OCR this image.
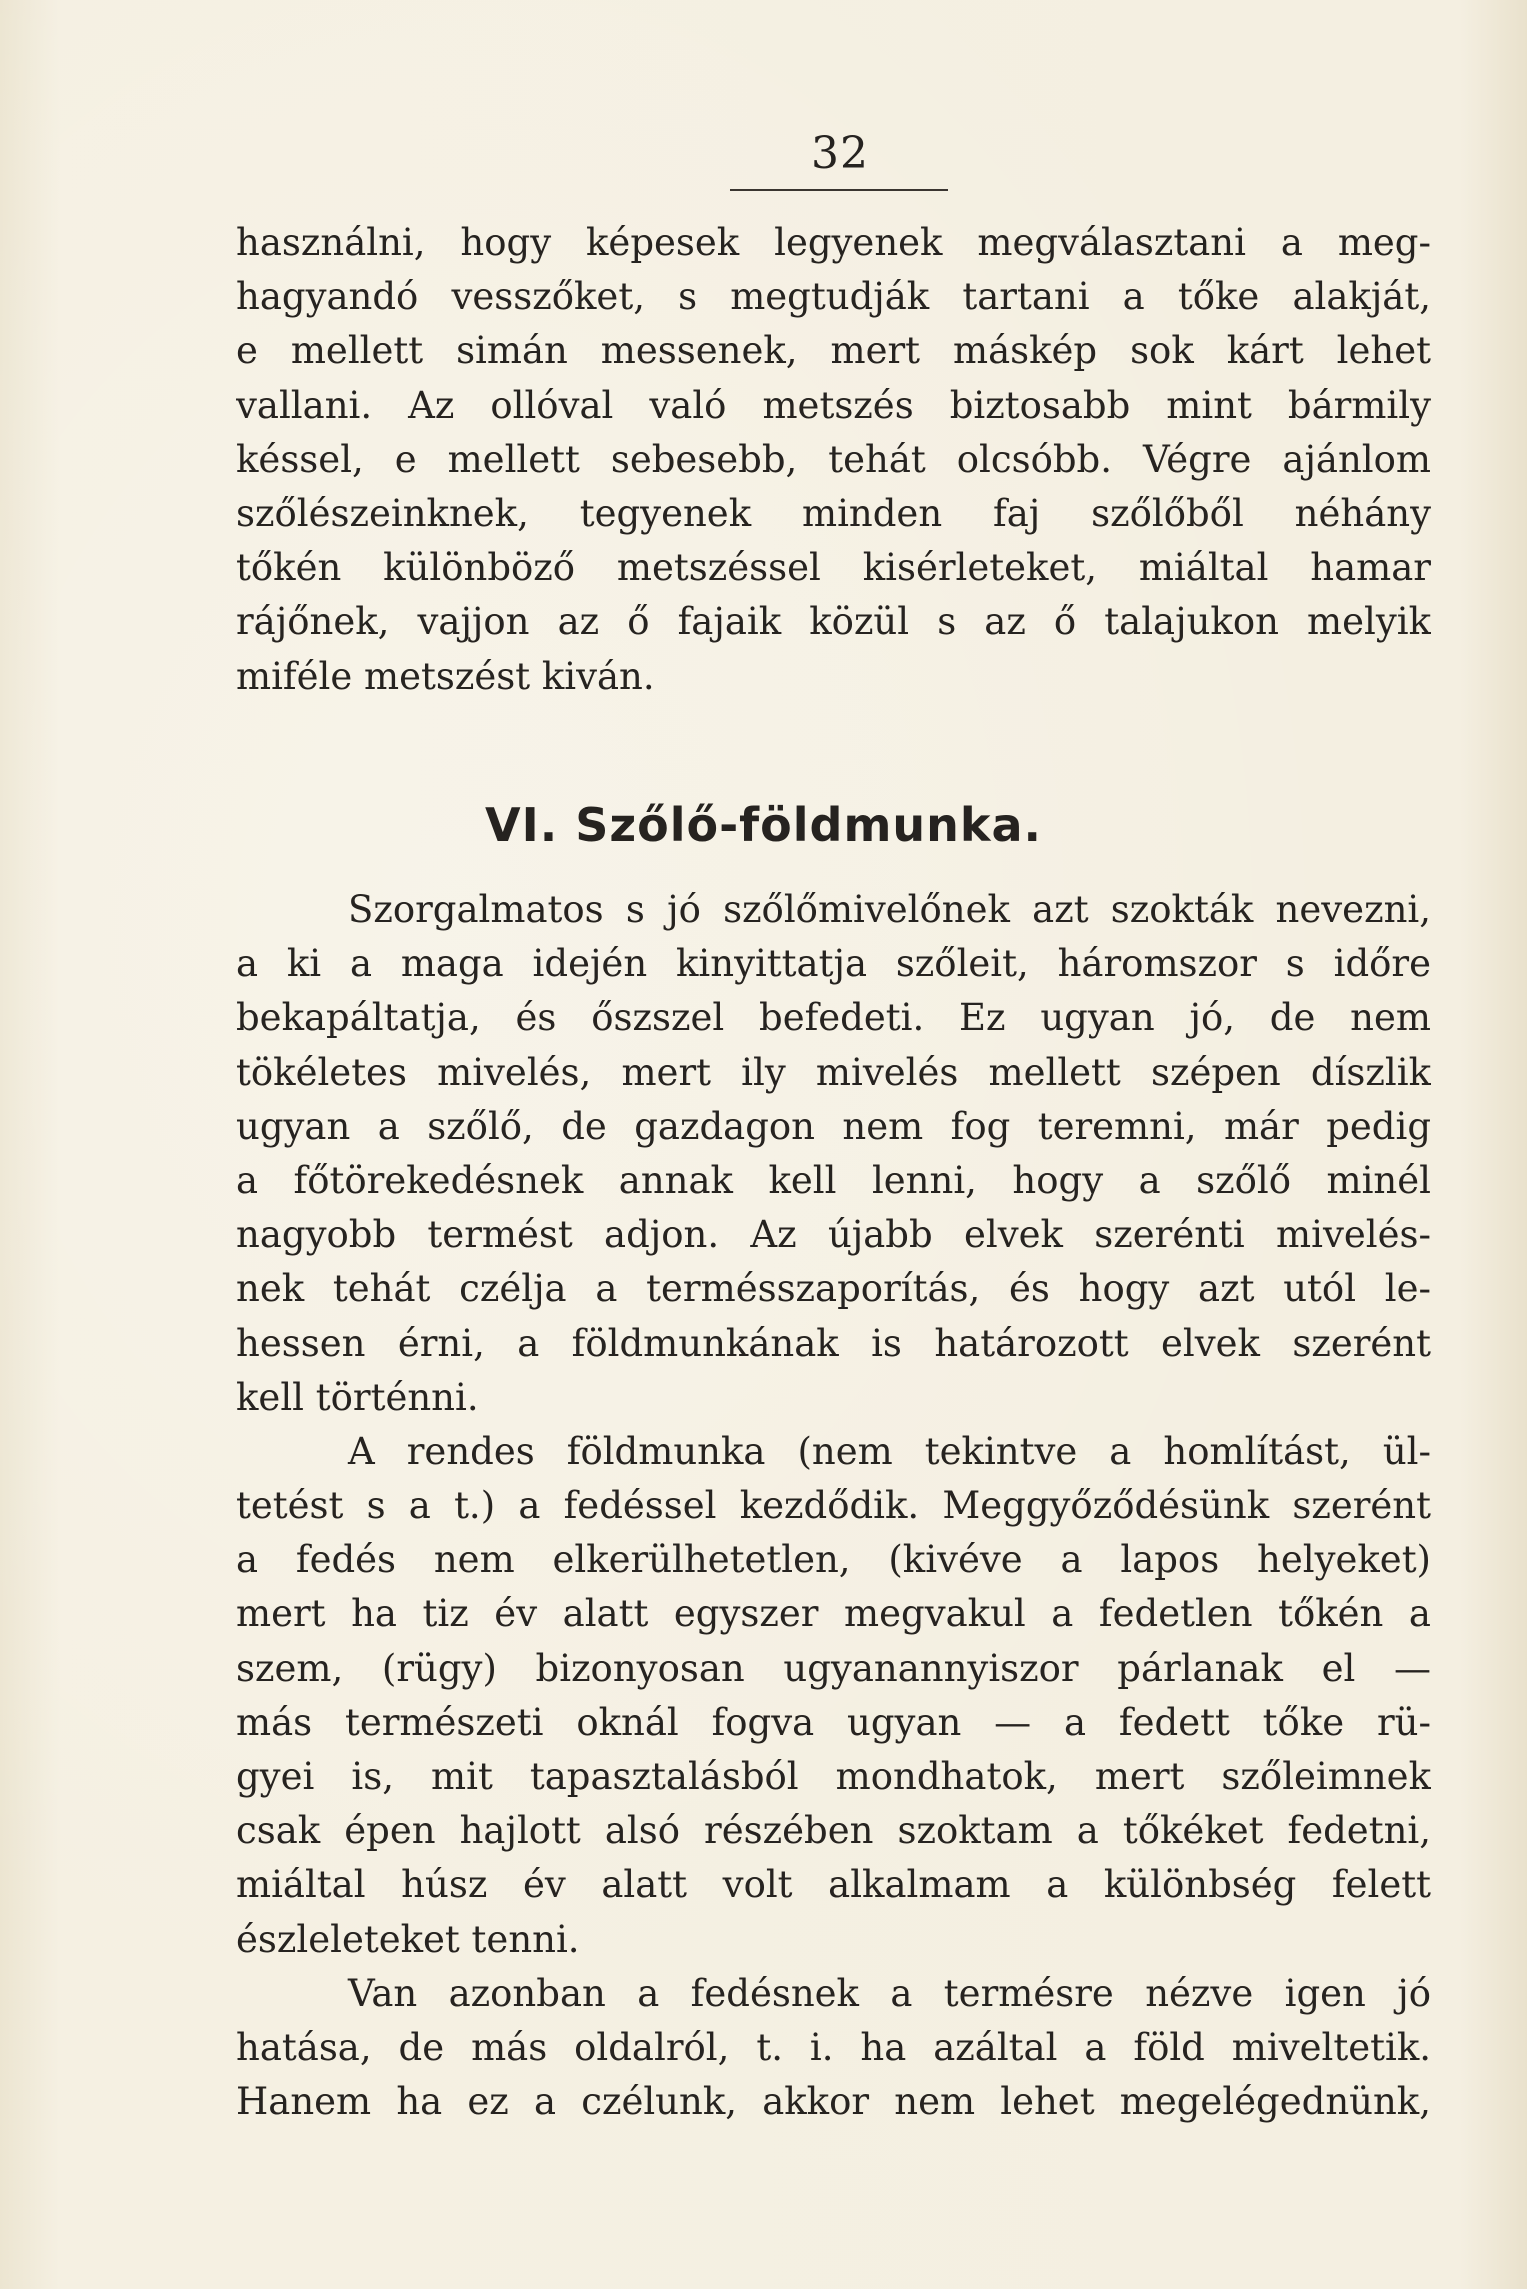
32
használni, hogy képesek legyenek megválasztani a meg-
hagyandó vesszőket, s megtudják tartani a tőke alakját,
e mellett simán messenek, mert máskép sok kárt lehet
vallani. Az ollóval való metszés biztosabb mint bármily
késsel, e mellett sebesebb, tehát olcsóbb. Végre ajánlom
szőlészeinknek, tegyenek minden faj szőlőből néhány
tőkén különböző metszéssel kisérleteket, miáltal hamar
rájőnek, vajjon az ő fajaik közül s az ő talajukon melyik
miféle metszést kiván.
VI. Szőlő-földmunka.
Szorgalmatos s jó szőlőmivelőnek azt szokták nevezni,
a ki a maga idején kinyittatja szőleit, háromszor s időre
bekapáltatja, és őszszel befedeti. Ez ugyan jó, de nem
tökéletes mivelés, mert ily mivelés mellett szépen díszlik
ugyan a szőlő, de gazdagon nem fog teremni, már pedig
a főtörekedésnek annak kell lenni, hogy a szőlő minél
nagyobb termést adjon. Az újabb elvek szerénti mivelés-
nek tehát czélja a termésszaporítás, és hogy azt utól le-
hessen érni, a földmunkának is határozott elvek szerént
kell történni.
A rendes földmunka (nem tekintve a homlítást, ül-
tetést s a t.) a fedéssel kezdődik. Meggyőződésünk szerént
a fedés nem elkerülhetetlen, (kivéve a lapos helyeket)
mert ha tiz év alatt egyszer megvakul a fedetlen tőkén a
szem, (rügy) bizonyosan ugyanannyiszor párlanak el —
más természeti oknál fogva ugyan — a fedett tőke rü-
gyei is, mit tapasztalásból mondhatok, mert szőleimnek
csak épen hajlott alsó részében szoktam a tőkéket fedetni,
miáltal húsz év alatt volt alkalmam a különbség felett
észleleteket tenni.
Van azonban a fedésnek a termésre nézve igen jó
hatása, de más oldalról, t. i. ha azáltal a föld miveltetik.
Hanem ha ez a czélunk, akkor nem lehet megelégednünk,
